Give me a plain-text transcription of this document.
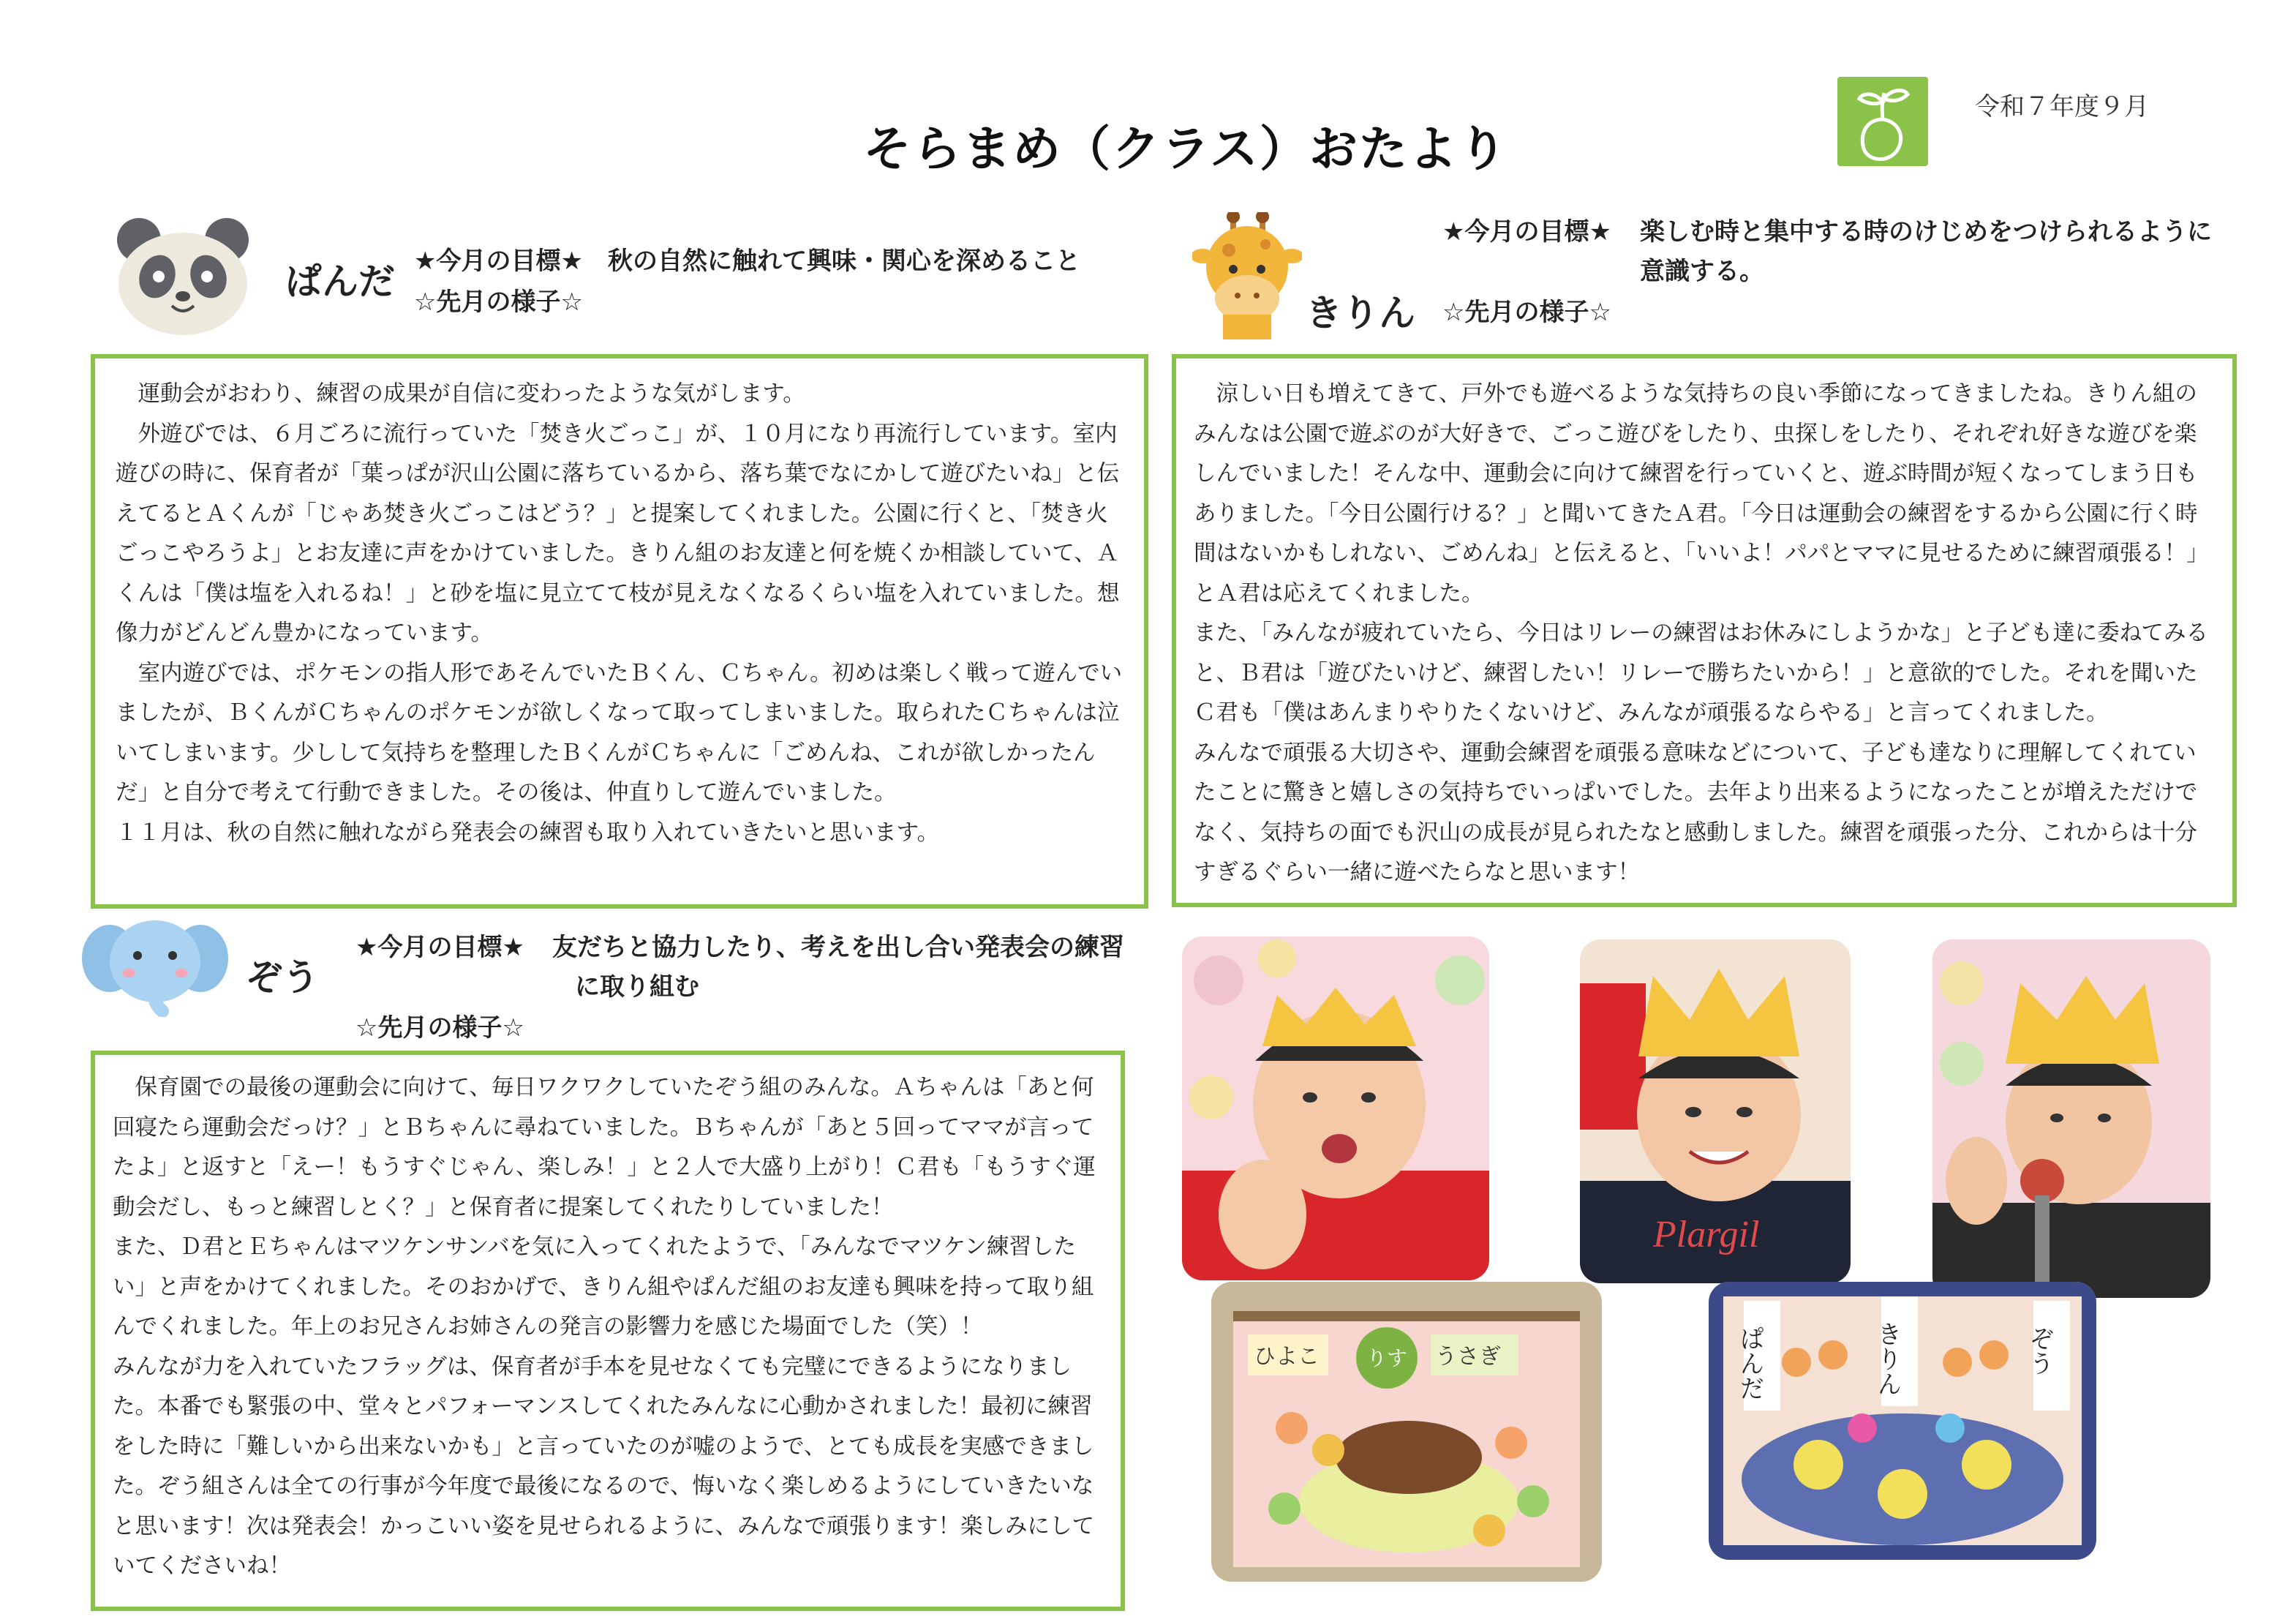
そらまめ（クラス）おたより
令和７年度９月
ぱんだ ★今月の目標★　秋の自然に触れて興味・関心を深めること
☆先月の様子☆
　運動会がおわり、練習の成果が自信に変わったような気がします。
　外遊びでは、６月ごろに流行っていた「焚き火ごっこ」が、１０月になり再流行しています。室内遊びの時に、保育者が「葉っぱが沢山公園に落ちているから、落ち葉でなにかして遊びたいね」と伝えてるとＡくんが「じゃあ焚き火ごっこはどう？」と提案してくれました。公園に行くと、「焚き火ごっこやろうよ」とお友達に声をかけていました。きりん組のお友達と何を焼くか相談していて、Ａくんは「僕は塩を入れるね！」と砂を塩に見立てて枝が見えなくなるくらい塩を入れていました。想像力がどんどん豊かになっています。
　室内遊びでは、ポケモンの指人形であそんでいたＢくん、Ｃちゃん。初めは楽しく戦って遊んでいましたが、ＢくんがＣちゃんのポケモンが欲しくなって取ってしまいました。取られたＣちゃんは泣いてしまいます。少しして気持ちを整理したＢくんがＣちゃんに「ごめんね、これが欲しかったんだ」と自分で考えて行動できました。その後は、仲直りして遊んでいました。
１１月は、秋の自然に触れながら発表会の練習も取り入れていきたいと思います。
きりん
★今月の目標★ 楽しむ時と集中する時のけじめをつけられるように
意識する。
☆先月の様子☆
　涼しい日も増えてきて、戸外でも遊べるような気持ちの良い季節になってきましたね。きりん組のみんなは公園で遊ぶのが大好きで、ごっこ遊びをしたり、虫探しをしたり、それぞれ好きな遊びを楽しんでいました！そんな中、運動会に向けて練習を行っていくと、遊ぶ時間が短くなってしまう日もありました。「今日公園行ける？」と聞いてきたＡ君。「今日は運動会の練習をするから公園に行く時間はないかもしれない、ごめんね」と伝えると、「いいよ！パパとママに見せるために練習頑張る！」とＡ君は応えてくれました。
また、「みんなが疲れていたら、今日はリレーの練習はお休みにしようかな」と子ども達に委ねてみると、Ｂ君は「遊びたいけど、練習したい！リレーで勝ちたいから！」と意欲的でした。それを聞いたＣ君も「僕はあんまりやりたくないけど、みんなが頑張るならやる」と言ってくれました。
みんなで頑張る大切さや、運動会練習を頑張る意味などについて、子ども達なりに理解してくれていたことに驚きと嬉しさの気持ちでいっぱいでした。去年より出来るようになったことが増えただけでなく、気持ちの面でも沢山の成長が見られたなと感動しました。練習を頑張った分、これからは十分すぎるぐらい一緒に遊べたらなと思います！
ぞう
★今月の目標★ 友だちと協力したり、考えを出し合い発表会の練習
に取り組む
☆先月の様子☆
　保育園での最後の運動会に向けて、毎日ワクワクしていたぞう組のみんな。Ａちゃんは「あと何回寝たら運動会だっけ？」とＢちゃんに尋ねていました。Ｂちゃんが「あと５回ってママが言ってたよ」と返すと「えー！もうすぐじゃん、楽しみ！」と２人で大盛り上がり！Ｃ君も「もうすぐ運動会だし、もっと練習しとく？」と保育者に提案してくれたりしていました！
また、Ｄ君とＥちゃんはマツケンサンバを気に入ってくれたようで、「みんなでマツケン練習したい」と声をかけてくれました。そのおかげで、きりん組やぱんだ組のお友達も興味を持って取り組んでくれました。年上のお兄さんお姉さんの発言の影響力を感じた場面でした（笑）！
みんなが力を入れていたフラッグは、保育者が手本を見せなくても完璧にできるようになりました。本番でも緊張の中、堂々とパフォーマンスしてくれたみんなに心動かされました！最初に練習をした時に「難しいから出来ないかも」と言っていたのが嘘のようで、とても成長を実感できました。ぞう組さんは全ての行事が今年度で最後になるので、悔いなく楽しめるようにしていきたいなと思います！次は発表会！かっこいい姿を見せられるように、みんなで頑張ります！楽しみにしていてくださいね！
Plargil
ひよこ りす うさぎ	ぱんだ	きりん	ぞう
